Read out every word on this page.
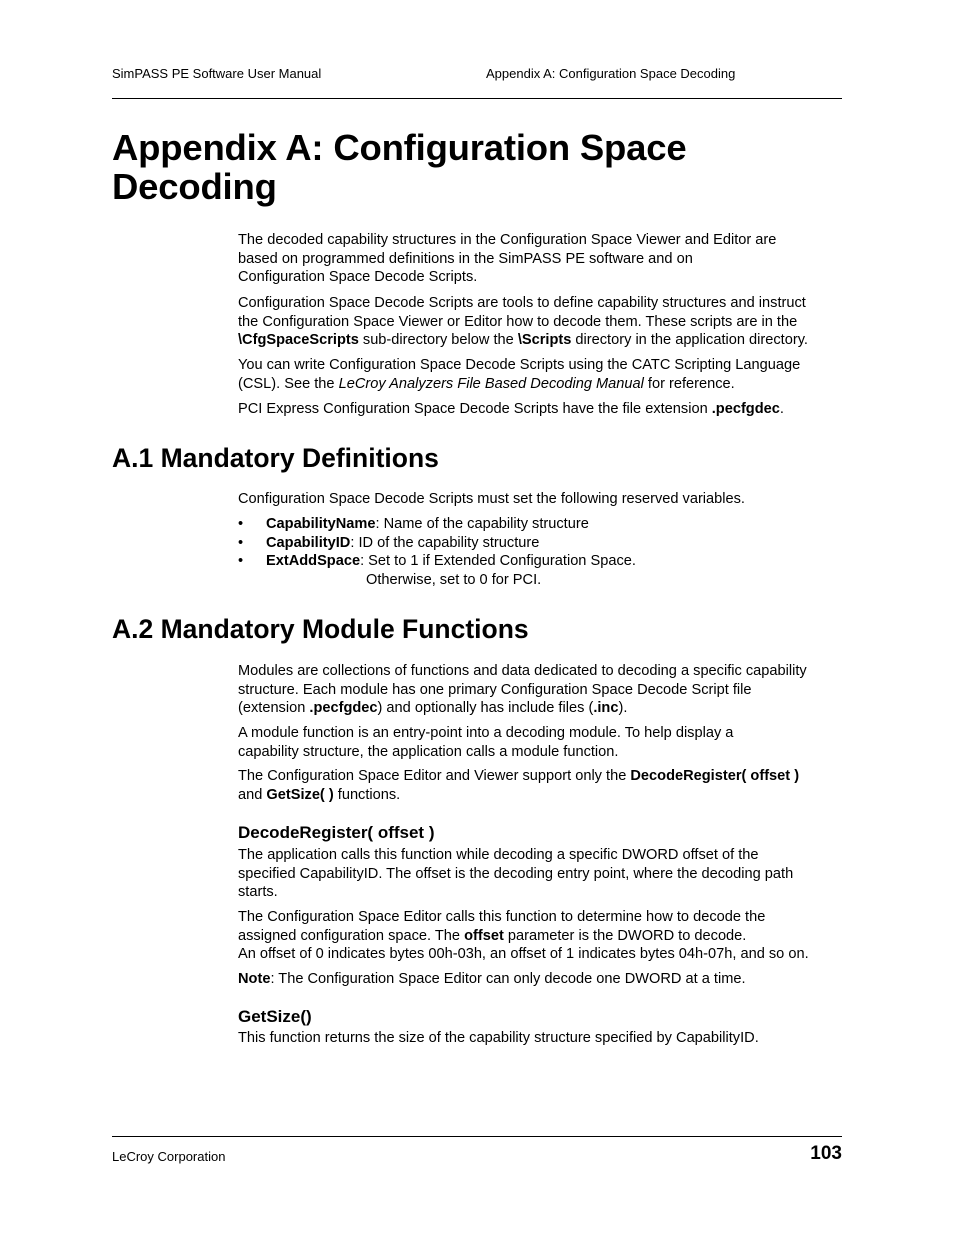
SimPASS PE Software User Manual	Appendix A: Configuration Space Decoding
Appendix A: Configuration Space
Decoding

The decoded capability structures in the Configuration Space Viewer and Editor are
based on programmed definitions in the SimPASS PE software and on
Configuration Space Decode Scripts.

Configuration Space Decode Scripts are tools to define capability structures and instruct
the Configuration Space Viewer or Editor how to decode them. These scripts are in the
\CfgSpaceScripts sub-directory below the \Scripts directory in the application directory.

You can write Configuration Space Decode Scripts using the CATC Scripting Language
(CSL). See the LeCroy Analyzers File Based Decoding Manual for reference.

PCI Express Configuration Space Decode Scripts have the file extension .pecfgdec.

A.1 Mandatory Definitions

Configuration Space Decode Scripts must set the following reserved variables.

• CapabilityName: Name of the capability structure
• CapabilityID: ID of the capability structure
• ExtAddSpace: Set to 1 if Extended Configuration Space.
Otherwise, set to 0 for PCI.
A.2 Mandatory Module Functions

Modules are collections of functions and data dedicated to decoding a specific capability
structure. Each module has one primary Configuration Space Decode Script file
(extension .pecfgdec) and optionally has include files (.inc).

A module function is an entry-point into a decoding module. To help display a
capability structure, the application calls a module function.

The Configuration Space Editor and Viewer support only the DecodeRegister( offset )
and GetSize( ) functions.

DecodeRegister( offset )

The application calls this function while decoding a specific DWORD offset of the
specified CapabilityID. The offset is the decoding entry point, where the decoding path
starts.

The Configuration Space Editor calls this function to determine how to decode the
assigned configuration space. The offset parameter is the DWORD to decode.
An offset of 0 indicates bytes 00h-03h, an offset of 1 indicates bytes 04h-07h, and so on.

Note: The Configuration Space Editor can only decode one DWORD at a time.

GetSize()

This function returns the size of the capability structure specified by CapabilityID.

LeCroy Corporation	103
